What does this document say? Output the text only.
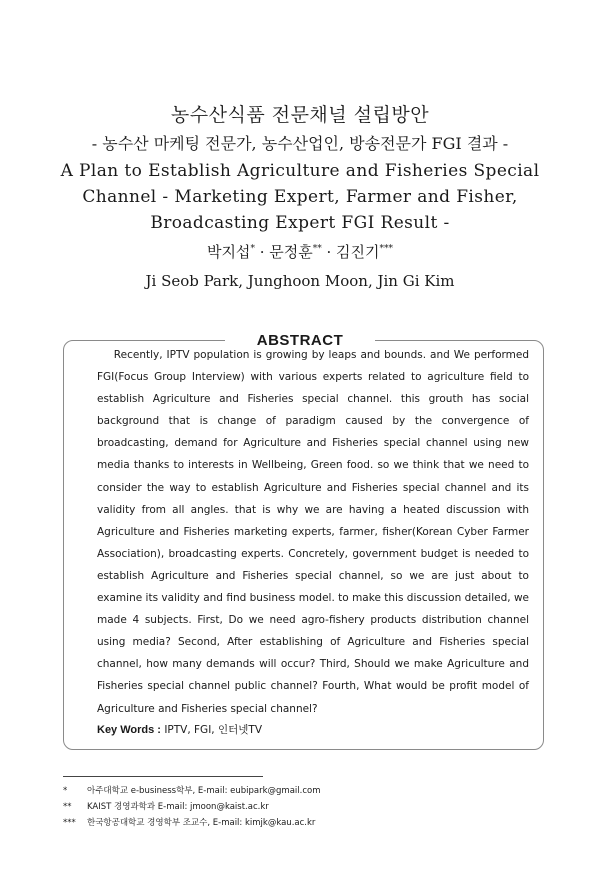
농수산식품 전문채널 설립방안
- 농수산 마케팅 전문가, 농수산업인, 방송전문가 FGI 결과 -
A Plan to Establish Agriculture and Fisheries Special
Channel - Marketing Expert, Farmer and Fisher,
Broadcasting Expert FGI Result -
박지섭* · 문정훈** · 김진기***
Ji Seob Park, Junghoon Moon, Jin Gi Kim
ABSTRACT
Recently, IPTV population is growing by leaps and bounds. and We performed FGI(Focus Group Interview) with various experts related to agriculture field to establish Agriculture and Fisheries special channel. this grouth has social background that is change of paradigm caused by the convergence of broadcasting, demand for Agriculture and Fisheries special channel using new media thanks to interests in Wellbeing, Green food. so we think that we need to consider the way to establish Agriculture and Fisheries special channel and its validity from all angles. that is why we are having a heated discussion with Agriculture and Fisheries marketing experts, farmer, fisher(Korean Cyber Farmer Association), broadcasting experts. Concretely, government budget is needed to establish Agriculture and Fisheries special channel, so we are just about to examine its validity and find business model. to make this discussion detailed, we made 4 subjects. First, Do we need agro-fishery products distribution channel using media? Second, After establishing of Agriculture and Fisheries special channel, how many demands will occur? Third, Should we make Agriculture and Fisheries special channel public channel? Fourth, What would be profit model of Agriculture and Fisheries special channel?
Key Words : IPTV, FGI, 인터넷TV
*	아주대학교 e-business학부, E-mail: eubipark@gmail.com
**	KAIST 경영과학과 E-mail: jmoon@kaist.ac.kr
***	한국항공대학교 경영학부 조교수, E-mail: kimjk@kau.ac.kr
